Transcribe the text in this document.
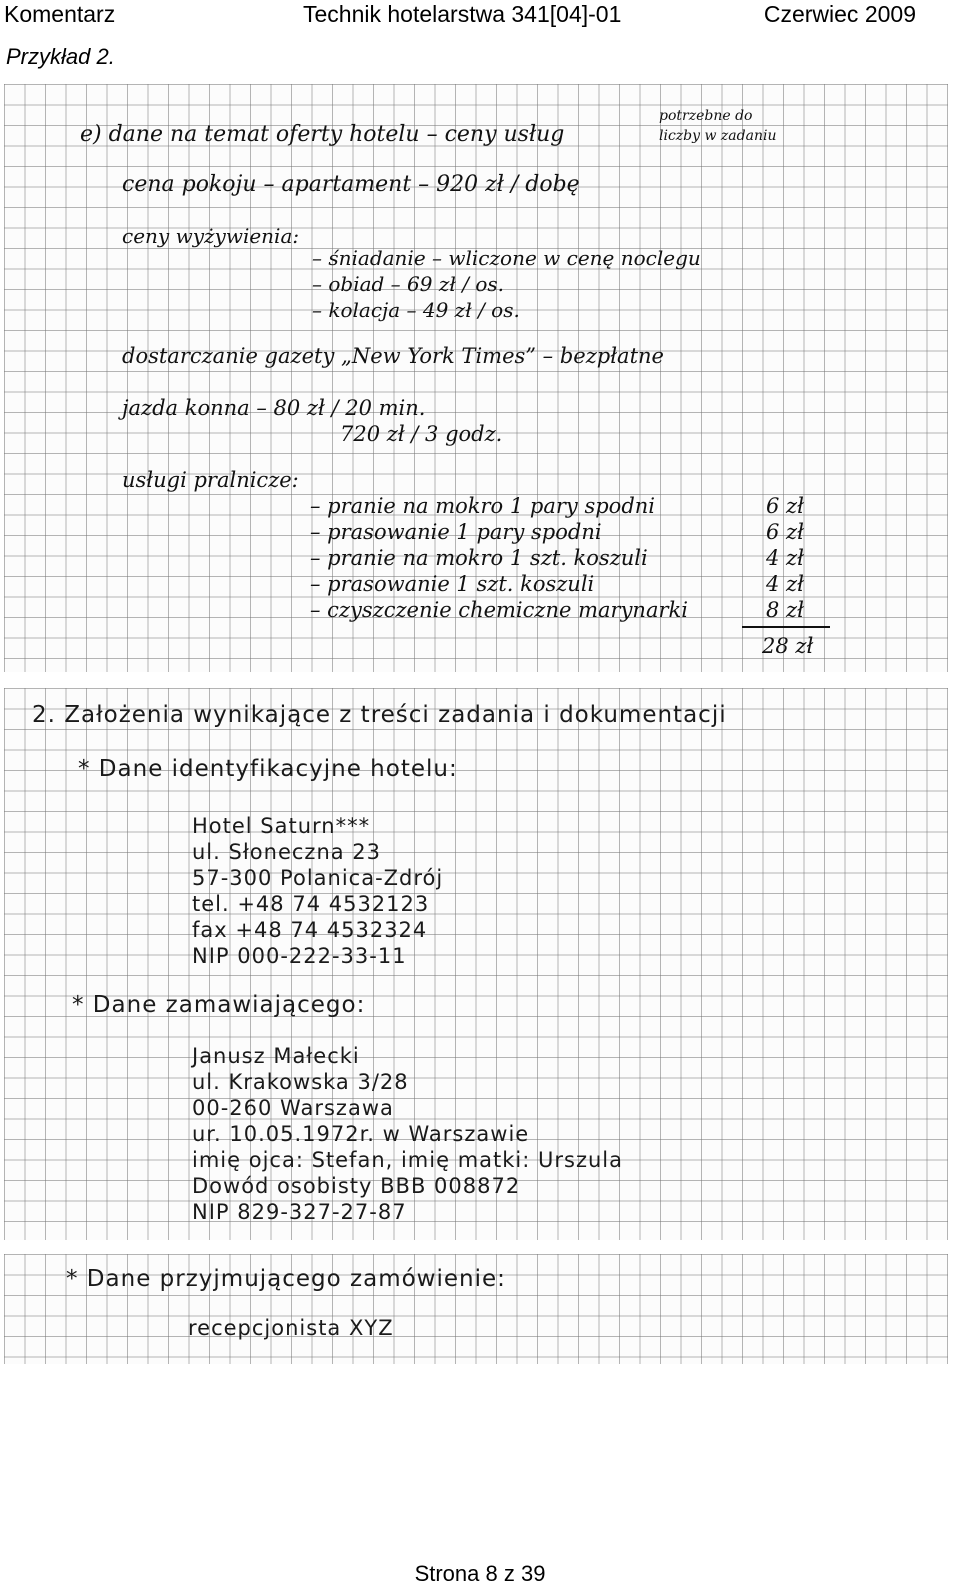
Komentarz	Technik hotelarstwa 341[04]-01	Czerwiec 2009
Przykład 2.
e) dane na temat oferty hotelu – ceny usług
potrzebne do
liczby w zadaniu
cena pokoju – apartament – 920 zł / dobę
ceny wyżywienia:
– śniadanie – wliczone w cenę noclegu
– obiad – 69 zł / os.
– kolacja – 49 zł / os.
dostarczanie gazety „New York Times” – bezpłatne
jazda konna – 80 zł / 20 min.
720 zł / 3 godz.
usługi pralnicze:
– pranie na mokro 1 pary spodni	6 zł
– prasowanie 1 pary spodni	6 zł
– pranie na mokro 1 szt. koszuli	4 zł
– prasowanie 1 szt. koszuli	4 zł
– czyszczenie chemiczne marynarki	8 zł
28 zł
2. Założenia wynikające z treści zadania i dokumentacji
* Dane identyfikacyjne hotelu:
Hotel Saturn***
ul. Słoneczna 23
57-300 Polanica-Zdrój
tel. +48 74 4532123
fax +48 74 4532324
NIP 000-222-33-11
* Dane zamawiającego:
Janusz Małecki
ul. Krakowska 3/28
00-260 Warszawa
ur. 10.05.1972r. w Warszawie
imię ojca: Stefan, imię matki: Urszula
Dowód osobisty BBB 008872
NIP 829-327-27-87
* Dane przyjmującego zamówienie:
recepcjonista XYZ
Strona 8 z 39
